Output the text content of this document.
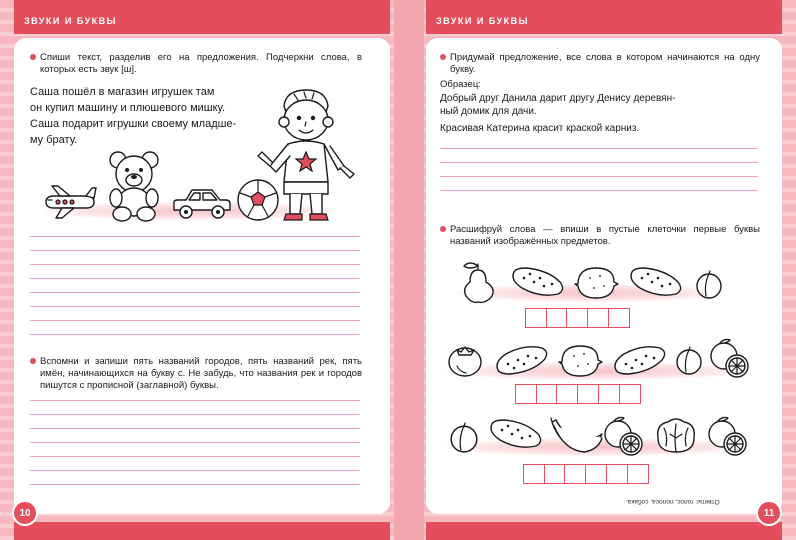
ЗВУКИ И БУКВЫ
Спиши текст, разделив его на предложения. Подчеркни слова, в которых есть звук [ш].
Саша пошёл в магазин игрушек там
он купил машину и плюшевого мишку.
Саша подарит игрушки своему младше-
му брату.
Вспомни и запиши пять названий городов, пять названий рек, пять имён, начинающихся на букву с. Не забудь, что названия рек и городов пишутся с прописной (заглавной) буквы.
10
ЗВУКИ И БУКВЫ
Придумай предложение, все слова в котором начинаются на одну букву.
Образец:
Добрый друг Данила дарит другу Денису деревян-
ный домик для дачи.
Красивая Катерина красит краской карниз.
Расшифруй слова — впиши в пустые клеточки первые буквы названий изображённых предметов.
Ответы: голос, полоса, собака.
11
